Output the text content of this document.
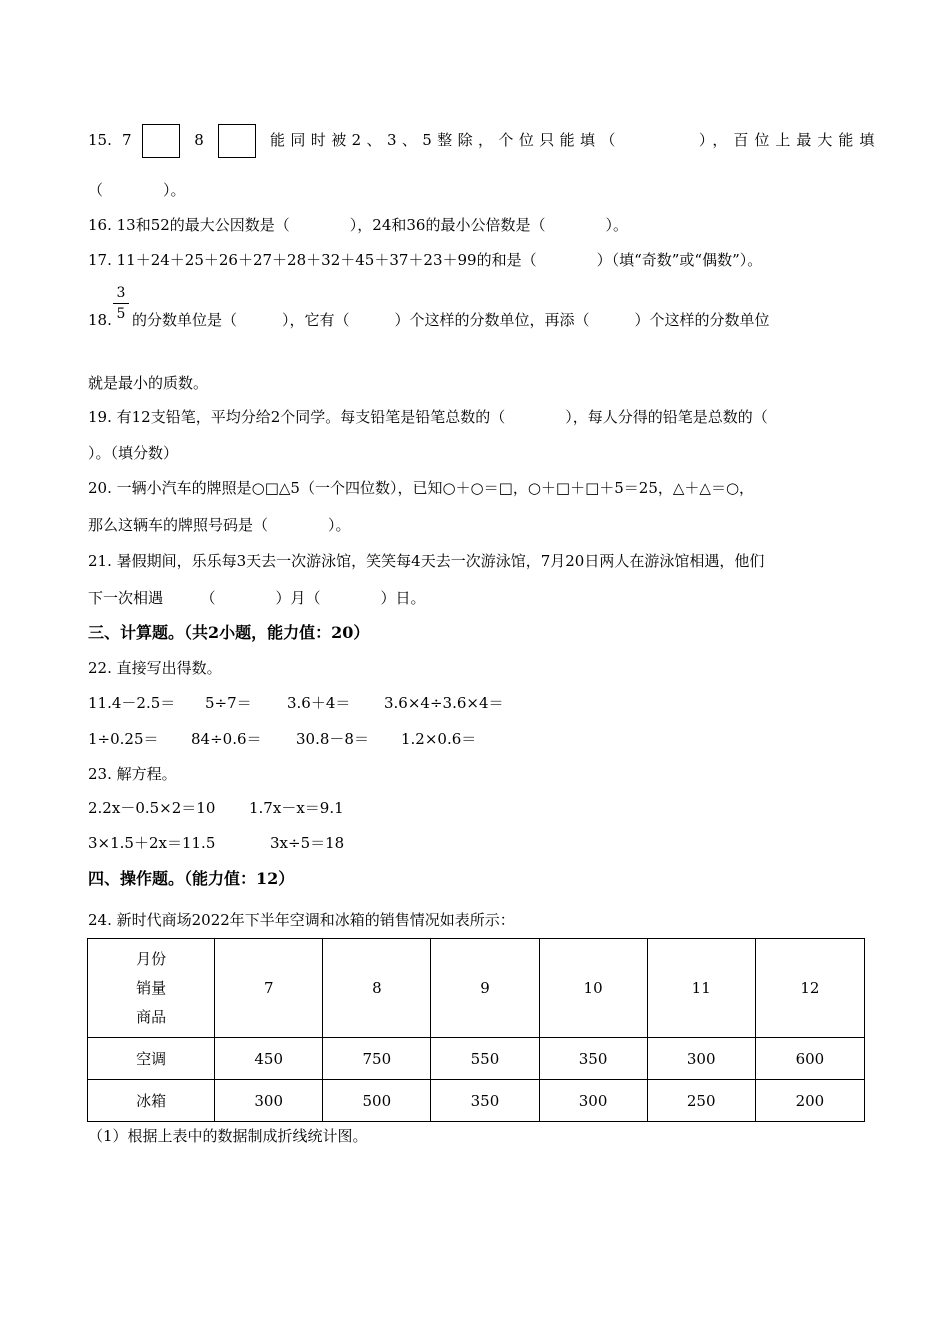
15. 7	8	能同时被2、3、5整除，个位只能填（	），百位上最大能填
（　　　　）。
16. 13和52的最大公因数是（　　　　），24和36的最小公倍数是（　　　　）。
17. 11＋24＋25＋26＋27＋28＋32＋45＋37＋23＋99的和是（　　　　）（填“奇数”或“偶数”）。
3
5
18. 的分数单位是（　　　），它有（　　　）个这样的分数单位，再添（　　　）个这样的分数单位
就是最小的质数。
19. 有12支铅笔，平均分给2个同学。每支铅笔是铅笔总数的（　　　　），每人分得的铅笔是总数的（
）。（填分数）
20. 一辆小汽车的牌照是○□△5（一个四位数），已知○＋○＝□，○＋□＋□＋5＝25，△＋△＝○，
那么这辆车的牌照号码是（　　　　）。
21. 暑假期间，乐乐每3天去一次游泳馆，笑笑每4天去一次游泳馆，7月20日两人在游泳馆相遇，他们
下一次相遇　　　（　　　　）月（　　　　）日。
三、计算题。（共2小题，能力值：20）
22. 直接写出得数。
11.4－2.5＝ 5÷7＝ 3.6＋4＝ 3.6×4÷3.6×4＝
1÷0.25＝ 84÷0.6＝ 30.8－8＝ 1.2×0.6＝
23. 解方程。
2.2x－0.5×2＝10 1.7x－x＝9.1
3×1.5＋2x＝11.5	3x÷5＝18
四、操作题。（能力值：12）
24. 新时代商场2022年下半年空调和冰箱的销售情况如表所示：
月份
销量
商品	7	8	9	10	11	12
空调	450	750	550	350	300	600
冰箱	300	500	350	300	250	200
（1）根据上表中的数据制成折线统计图。
